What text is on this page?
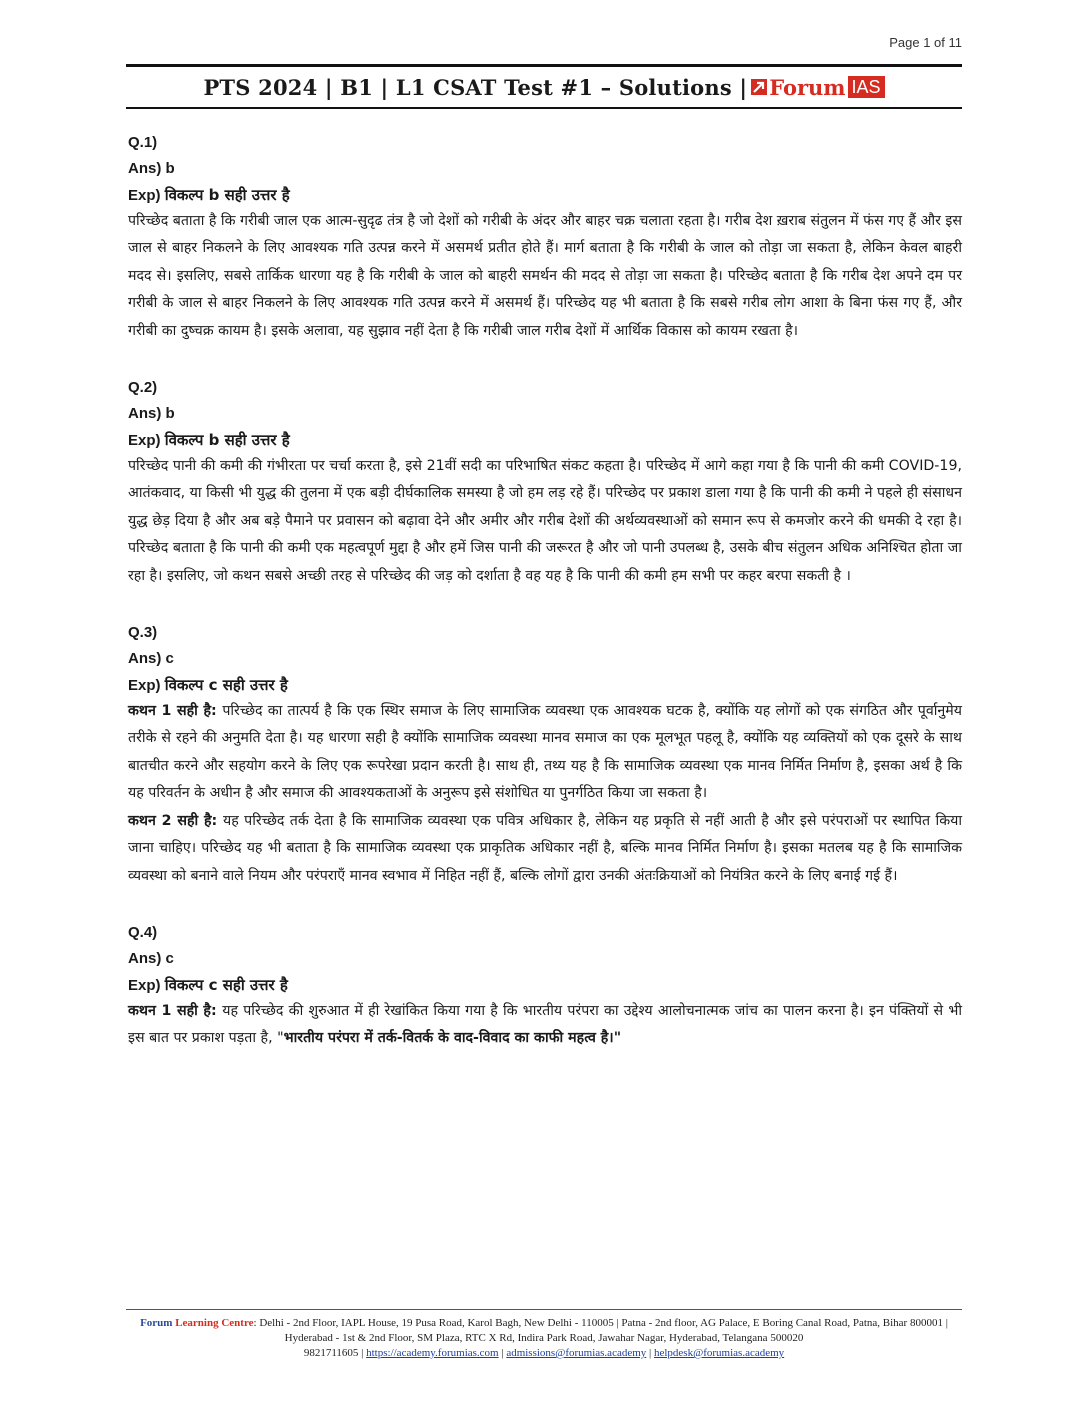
Page 1 of 11
PTS 2024 | B1 | L1 CSAT Test #1 – Solutions | Forum IAS
Q.1)
Ans) b
Exp) विकल्प b सही उत्तर है

परिच्छेद बताता है कि गरीबी जाल एक आत्म-सुदृढ तंत्र है जो देशों को गरीबी के अंदर और बाहर चक्र चलाता रहता है। गरीब देश ख़राब संतुलन में फंस गए हैं और इस जाल से बाहर निकलने के लिए आवश्यक गति उत्पन्न करने में असमर्थ प्रतीत होते हैं। मार्ग बताता है कि गरीबी के जाल को तोड़ा जा सकता है, लेकिन केवल बाहरी मदद से। इसलिए, सबसे तार्किक धारणा यह है कि गरीबी के जाल को बाहरी समर्थन की मदद से तोड़ा जा सकता है। परिच्छेद बताता है कि गरीब देश अपने दम पर गरीबी के जाल से बाहर निकलने के लिए आवश्यक गति उत्पन्न करने में असमर्थ हैं। परिच्छेद यह भी बताता है कि सबसे गरीब लोग आशा के बिना फंस गए हैं, और गरीबी का दुष्चक्र कायम है। इसके अलावा, यह सुझाव नहीं देता है कि गरीबी जाल गरीब देशों में आर्थिक विकास को कायम रखता है।

Q.2)
Ans) b
Exp) विकल्प b सही उत्तर है

परिच्छेद पानी की कमी की गंभीरता पर चर्चा करता है, इसे 21वीं सदी का परिभाषित संकट कहता है। परिच्छेद में आगे कहा गया है कि पानी की कमी COVID-19, आतंकवाद, या किसी भी युद्ध की तुलना में एक बड़ी दीर्घकालिक समस्या है जो हम लड़ रहे हैं। परिच्छेद पर प्रकाश डाला गया है कि पानी की कमी ने पहले ही संसाधन युद्ध छेड़ दिया है और अब बड़े पैमाने पर प्रवासन को बढ़ावा देने और अमीर और गरीब देशों की अर्थव्यवस्थाओं को समान रूप से कमजोर करने की धमकी दे रहा है। परिच्छेद बताता है कि पानी की कमी एक महत्वपूर्ण मुद्दा है और हमें जिस पानी की जरूरत है और जो पानी उपलब्ध है, उसके बीच संतुलन अधिक अनिश्चित होता जा रहा है। इसलिए, जो कथन सबसे अच्छी तरह से परिच्छेद की जड़ को दर्शाता है वह यह है कि पानी की कमी हम सभी पर कहर बरपा सकती है ।

Q.3)
Ans) c
Exp) विकल्प c सही उत्तर है

कथन 1 सही है: परिच्छेद का तात्पर्य है कि एक स्थिर समाज के लिए सामाजिक व्यवस्था एक आवश्यक घटक है, क्योंकि यह लोगों को एक संगठित और पूर्वानुमेय तरीके से रहने की अनुमति देता है। यह धारणा सही है क्योंकि सामाजिक व्यवस्था मानव समाज का एक मूलभूत पहलू है, क्योंकि यह व्यक्तियों को एक दूसरे के साथ बातचीत करने और सहयोग करने के लिए एक रूपरेखा प्रदान करती है। साथ ही, तथ्य यह है कि सामाजिक व्यवस्था एक मानव निर्मित निर्माण है, इसका अर्थ है कि यह परिवर्तन के अधीन है और समाज की आवश्यकताओं के अनुरूप इसे संशोधित या पुनर्गठित किया जा सकता है।

कथन 2 सही है: यह परिच्छेद तर्क देता है कि सामाजिक व्यवस्था एक पवित्र अधिकार है, लेकिन यह प्रकृति से नहीं आती है और इसे परंपराओं पर स्थापित किया जाना चाहिए। परिच्छेद यह भी बताता है कि सामाजिक व्यवस्था एक प्राकृतिक अधिकार नहीं है, बल्कि मानव निर्मित निर्माण है। इसका मतलब यह है कि सामाजिक व्यवस्था को बनाने वाले नियम और परंपराएँ मानव स्वभाव में निहित नहीं हैं, बल्कि लोगों द्वारा उनकी अंतःक्रियाओं को नियंत्रित करने के लिए बनाई गई हैं।

Q.4)
Ans) c
Exp) विकल्प c सही उत्तर है

कथन 1 सही है: यह परिच्छेद की शुरुआत में ही रेखांकित किया गया है कि भारतीय परंपरा का उद्देश्य आलोचनात्मक जांच का पालन करना है। इन पंक्तियों से भी इस बात पर प्रकाश पड़ता है, "भारतीय परंपरा में तर्क-वितर्क के वाद-विवाद का काफी महत्व है।"

Forum Learning Centre: Delhi - 2nd Floor, IAPL House, 19 Pusa Road, Karol Bagh, New Delhi - 110005 | Patna - 2nd floor, AG Palace, E Boring Canal Road, Patna, Bihar 800001 | Hyderabad - 1st & 2nd Floor, SM Plaza, RTC X Rd, Indira Park Road, Jawahar Nagar, Hyderabad, Telangana 500020
9821711605 | https://academy.forumias.com | admissions@forumias.academy | helpdesk@forumias.academy
